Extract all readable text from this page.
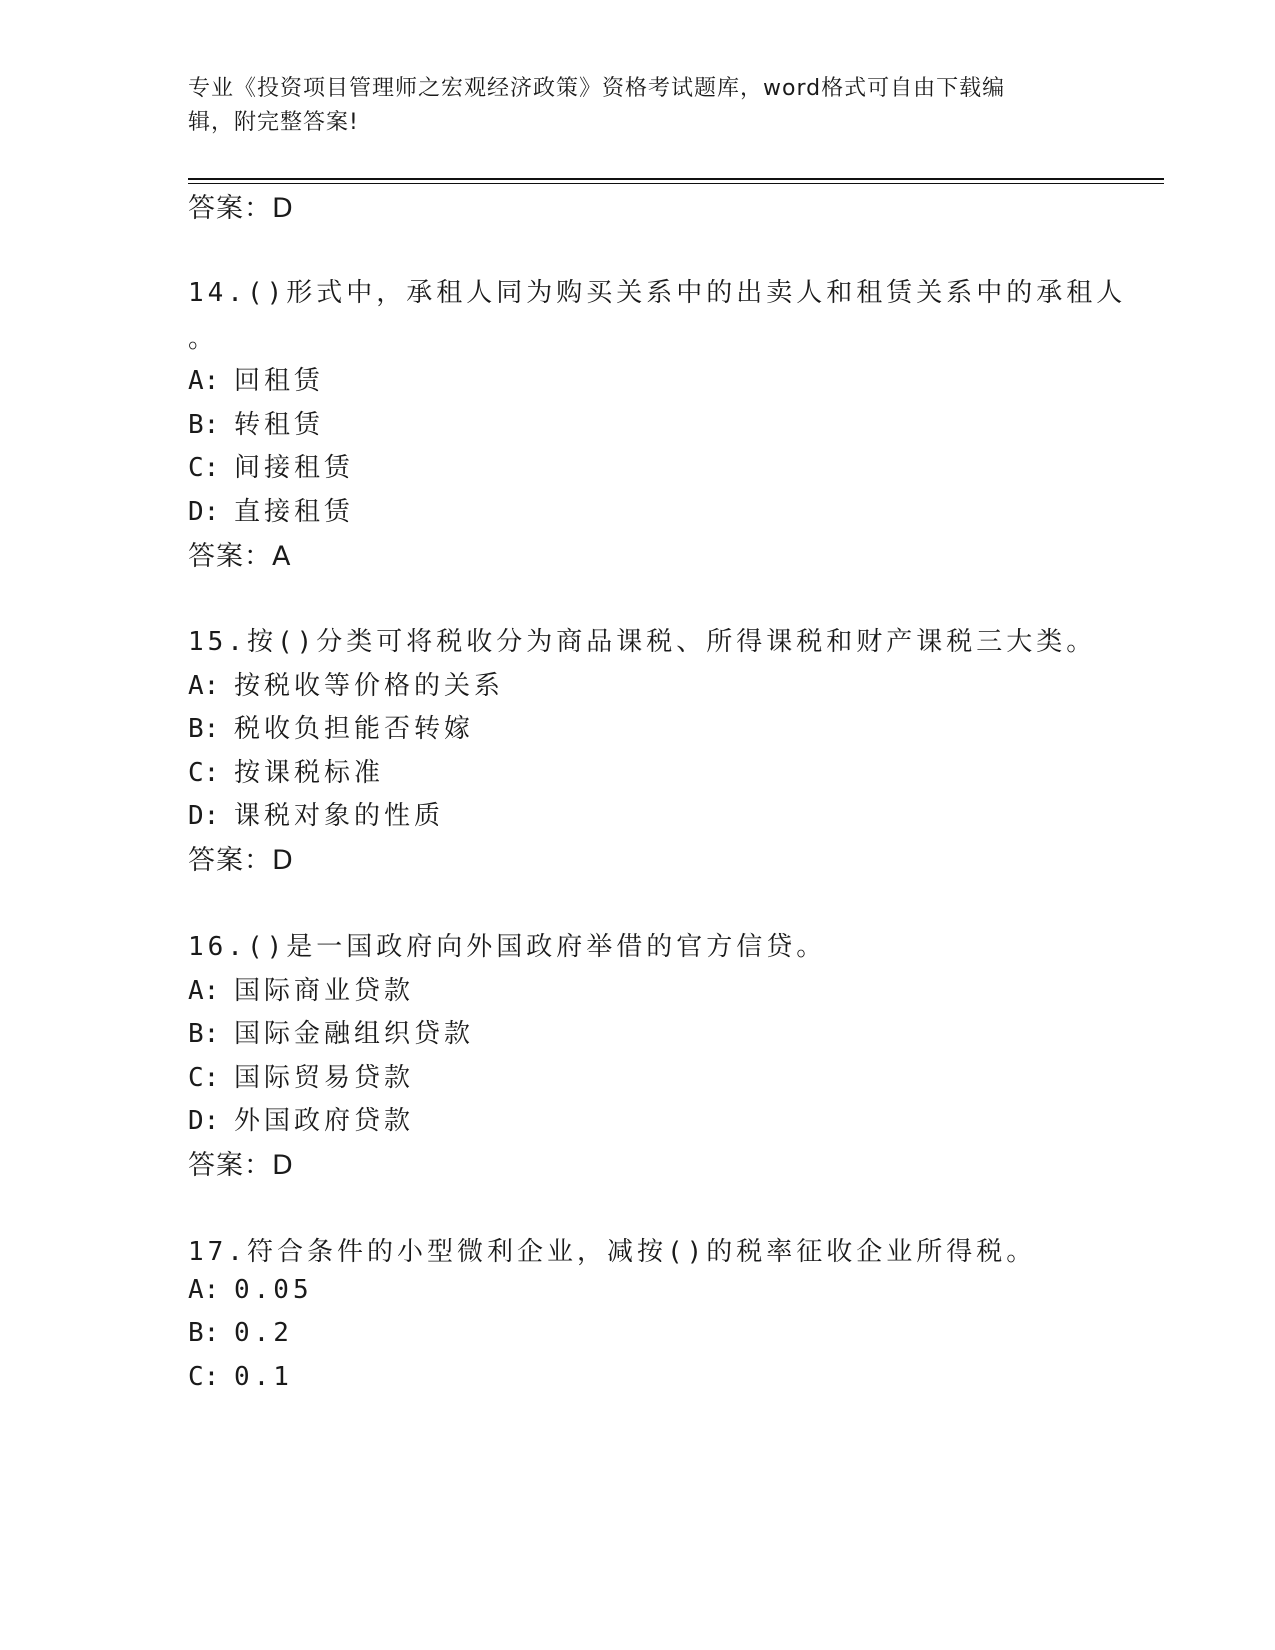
专业《投资项目管理师之宏观经济政策》资格考试题库，word格式可自由下载编
辑，附完整答案!
答案：D
14.()形式中，承租人同为购买关系中的出卖人和租赁关系中的承租人
。
A: 回租赁
B: 转租赁
C: 间接租赁
D: 直接租赁
答案：A
15.按()分类可将税收分为商品课税、所得课税和财产课税三大类。
A: 按税收等价格的关系
B: 税收负担能否转嫁
C: 按课税标准
D: 课税对象的性质
答案：D
16.()是一国政府向外国政府举借的官方信贷。
A: 国际商业贷款
B: 国际金融组织贷款
C: 国际贸易贷款
D: 外国政府贷款
答案：D
17.符合条件的小型微利企业，减按()的税率征收企业所得税。
A: 0.05
B: 0.2
C: 0.1
